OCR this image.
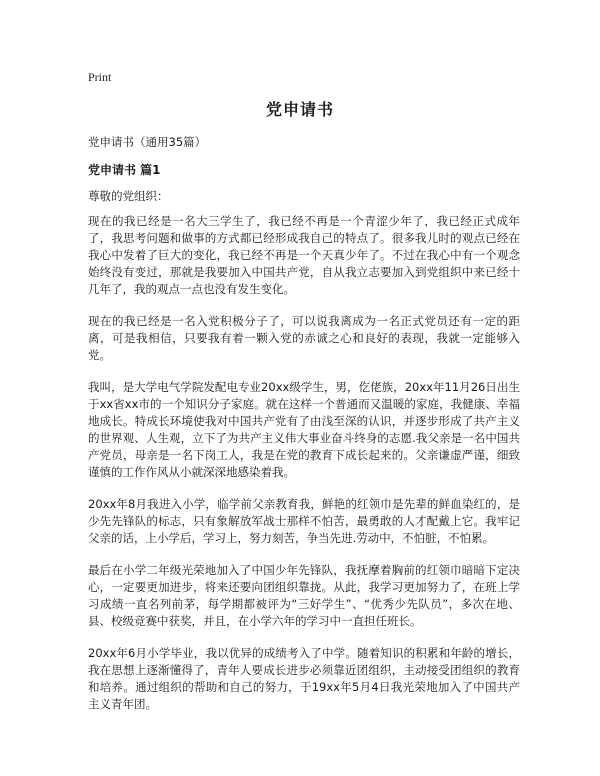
Print
党申请书
党申请书（通用35篇）
党申请书 篇1
尊敬的党组织：

现在的我已经是一名大三学生了，我已经不再是一个青涩少年了，我已经正式成年了，我思考问题和做事的方式都已经形成我自己的特点了。很多我儿时的观点已经在我心中发着了巨大的变化，我已经不再是一个天真少年了。不过在我心中有一个观念始终没有变过，那就是我要加入中国共产党，自从我立志要加入到党组织中来已经十几年了，我的观点一点也没有发生变化。

现在的我已经是一名入党积极分子了，可以说我离成为一名正式党员还有一定的距离，可是我相信，只要我有着一颗入党的赤诚之心和良好的表现，我就一定能够入党。

我叫，是大学电气学院发配电专业20xx级学生，男，仡佬族，20xx年11月26日出生于xx省xx市的一个知识分子家庭。就在这样一个普通而又温暖的家庭，我健康、幸福地成长。特成长环境使我对中国共产党有了由浅至深的认识，并逐步形成了共产主义的世界观、人生观，立下了为共产主义伟大事业奋斗终身的志愿.我父亲是一名中国共产党员，母亲是一名下岗工人，我是在党的教育下成长起来的。父亲谦虚严谨，细致谨慎的工作作风从小就深深地感染着我。

20xx年8月我进入小学，临学前父亲教育我，鲜艳的红领巾是先辈的鲜血染红的，是少先先锋队的标志，只有象解放军战士那样不怕苦，最勇敢的人才配戴上它。我牢记父亲的话，上小学后，学习上，努力刻苦，争当先进.劳动中，不怕脏，不怕累。

最后在小学二年级光荣地加入了中国少年先锋队，我抚摩着胸前的红领巾暗暗下定决心，一定要更加进步，将来还要向团组织靠拢。从此，我学习更加努力了，在班上学习成绩一直名列前茅，每学期都被评为“三好学生”、“优秀少先队员”，多次在地、县、校级竞赛中获奖，并且，在小学六年的学习中一直担任班长。

20xx年6月小学毕业，我以优异的成绩考入了中学。随着知识的积累和年龄的增长，我在思想上逐渐懂得了，青年人要成长进步必须靠近团组织，主动接受团组织的教育和培养。通过组织的帮助和自己的努力，于19xx年5月4日我光荣地加入了中国共产主义青年团。
